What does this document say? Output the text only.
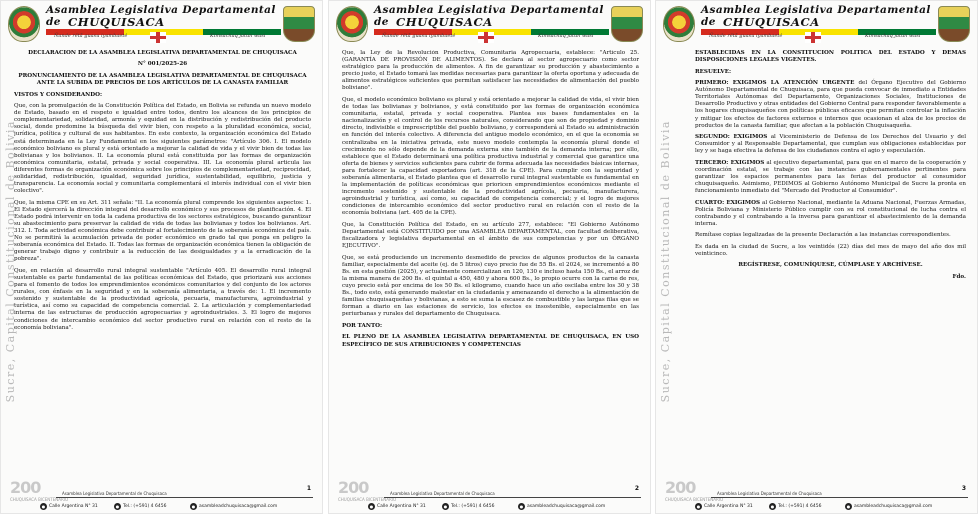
Asamblea Legislativa Departamental de CHUQUISACA
Ñande rëtã guasu iyambaeté	Kimsachaq jatun wasi
Sucre, Capital Constitucional de Bolivia

DECLARACIÓN DE LA ASAMBLEA LEGISLATIVA DEPARTAMENTAL DE CHUQUISACA

N° 001/2025-26

PRONUNCIAMIENTO DE LA ASAMBLEA LEGISLATIVA DEPARTAMENTAL DE CHUQUISACA ANTE LA SUBIDA DE PRECIOS DE LOS ARTÍCULOS DE LA CANASTA FAMILIAR

VISTOS Y CONSIDERANDO:

Que, con la promulgación de la Constitución Política del Estado, en Bolivia se refunda un nuevo modelo de Estado, basado en el respeto e igualdad entre todos, dentro los alcances de los principios de complementariedad, solidaridad, armonía y equidad en la distribución y redistribución del producto social, donde predomine la búsqueda del vivir bien, con respeto a la pluralidad económica, social, jurídica, política y cultural de sus habitantes. En este contexto, la organización económica del Estado está determinada en la Ley Fundamental en los siguientes parámetros: "Artículo 306. I. El modelo económico boliviano es plural y está orientado a mejorar la calidad de vida y el vivir bien de todas las bolivianas y los bolivianos. II. La economía plural está constituida por las formas de organización económica comunitaria, estatal, privada y social cooperativa. III. La economía plural articula las diferentes formas de organización económica sobre los principios de complementariedad, reciprocidad, solidaridad, redistribución, igualdad, seguridad jurídica, sustentabilidad, equilibrio, justicia y transparencia. La economía social y comunitaria complementará el interés individual con el vivir bien colectivo".

Que, la misma CPE en su Art. 311 señala: "II. La economía plural comprende los siguientes aspectos: 1. El Estado ejercerá la dirección integral del desarrollo económico y sus procesos de planificación. 4. El Estado podrá intervenir en toda la cadena productiva de los sectores estratégicos, buscando garantizar su abastecimiento para preservar la calidad de vida de todas las bolivianas y todos los bolivianos. Art. 312. I. Toda actividad económica debe contribuir al fortalecimiento de la soberanía económica del país. No se permitirá la acumulación privada de poder económico en grado tal que ponga en peligro la soberanía económica del Estado. II. Todas las formas de organización económica tienen la obligación de generar trabajo digno y contribuir a la reducción de las desigualdades y a la erradicación de la pobreza".

Que, en relación al desarrollo rural integral sustentable "Artículo 405. El desarrollo rural integral sustentable es parte fundamental de las políticas económicas del Estado, que priorizará sus acciones para el fomento de todos los emprendimientos económicos comunitarios y del conjunto de los actores rurales, con énfasis en la seguridad y en la soberanía alimentaria, a través de: 1. El incremento sostenido y sustentable de la productividad agrícola, pecuaria, manufacturera, agroindustrial y turística, así como su capacidad de competencia comercial. 2. La articulación y complementariedad interna de las estructuras de producción agropecuarias y agroindustriales. 3. El logro de mejores condiciones de intercambio económico del sector productivo rural en relación con el resto de la economía boliviana".

200
CHUQUISACA BICENTENARIO
Asamblea Legislativa Departamental de Chuquisaca
● Calle Argentina N° 31	● Tel.: (+591) 4 6456	● asambleadchuquisaca@gmail.com
1
Asamblea Legislativa Departamental de CHUQUISACA
Ñande rëtã guasu iyambaeté	Kimsachaq jatun wasi

Que, la Ley de la Revolución Productiva, Comunitaria Agropecuaria, establece: "Artículo 25. (GARANTÍA DE PROVISIÓN DE ALIMENTOS). Se declara al sector agropecuario como sector estratégico para la producción de alimentos. A fin de garantizar su producción y abastecimiento a precio justo, el Estado tomará las medidas necesarias para garantizar la oferta oportuna y adecuada de alimentos estratégicos suficientes que permitan satisfacer las necesidades de alimentación del pueblo boliviano".

Que, el modelo económico boliviano es plural y está orientado a mejorar la calidad de vida, el vivir bien de todas las bolivianas y bolivianos, y está constituido por las formas de organización económica comunitaria, estatal, privada y social cooperativa. Plantea sus bases fundamentales en la nacionalización y el control de los recursos naturales, considerando que son de propiedad y dominio directo, indivisible e imprescriptible del pueblo boliviano, y corresponderá al Estado su administración en función del interés colectivo. A diferencia del antiguo modelo económico, en el que la economía se centralizaba en la iniciativa privada, este nuevo modelo contempla la economía plural donde el crecimiento no sólo depende de la demanda externa sino también de la demanda interna; por ello, establece que el Estado determinará una política productiva industrial y comercial que garantice una oferta de bienes y servicios suficientes para cubrir de forma adecuada las necesidades básicas internas, para fortalecer la capacidad exportadora (art. 318 de la CPE). Para cumplir con la seguridad y soberanía alimentaria, el Estado plantea que el desarrollo rural integral sustentable es fundamental en la implementación de políticas económicas que prioricen emprendimientos económicos mediante el incremento sostenido y sustentable de la productividad agrícola, pecuaria, manufacturera, agroindustrial y turística, así como, su capacidad de competencia comercial; y el logro de mejores condiciones de intercambio económico del sector productivo rural en relación con el resto de la economía boliviana (art. 405 de la CPE).

Que, la Constitución Política del Estado, en su artículo 277, establece: "El Gobierno Autónomo Departamental está CONSTITUIDO por una ASAMBLEA DEPARTAMENTAL, con facultad deliberativa, fiscalizadora y legislativa departamental en el ámbito de sus competencias y por un ÓRGANO EJECUTIVO".

Que, se está produciendo un incremento desmedido de precios de algunos productos de la canasta familiar, especialmente del aceite (ej. de 5 litros) cuyo precio fue de 55 Bs. el 2024, se incrementó a 80 Bs. en esta gestión (2025), y actualmente comercializan en 120, 130 e incluso hasta 150 Bs., el arroz de la misma manera de 200 Bs. el quintal a 450, 480 y ahora 600 Bs., lo propio ocurre con la carne de res, cuyo precio está por encima de los 50 Bs. el kilogramo, cuando hace un año oscilaba entre los 30 y 38 Bs., todo esto, está generando malestar en la ciudadanía y amenazando el derecho a la alimentación de familias chuquisaqueñas y bolivianas, a esto se suma la escasez de combustible y las largas filas que se forman a diario en las estaciones de servicio, los efectos es insostenible, especialmente en las periurbanas y rurales del departamento de Chuquisaca.

POR TANTO:

EL PLENO DE LA ASAMBLEA LEGISLATIVA DEPARTAMENTAL DE CHUQUISACA, EN USO ESPECÍFICO DE SUS ATRIBUCIONES Y COMPETENCIAS

200
CHUQUISACA BICENTENARIO
Asamblea Legislativa Departamental de Chuquisaca
● Calle Argentina N° 31	● Tel.: (+591) 4 6456	● asambleadchuquisaca@gmail.com
2
Asamblea Legislativa Departamental de CHUQUISACA
Ñande rëtã guasu iyambaeté	Kimsachaq jatun wasi
Sucre, Capital Constitucional de Bolivia

ESTABLECIDAS EN LA CONSTITUCIÓN POLÍTICA DEL ESTADO Y DEMÁS DISPOSICIONES LEGALES VIGENTES.

RESUELVE:

PRIMERO: EXIGIMOS LA ATENCIÓN URGENTE del Órgano Ejecutivo del Gobierno Autónomo Departamental de Chuquisaca, para que pueda convocar de inmediato a Entidades Territoriales Autónomas del Departamento, Organizaciones Sociales, Instituciones de Desarrollo Productivo y otras entidades del Gobierno Central para responder favorablemente a los hogares chuquisaqueños con políticas públicas eficaces que permitan controlar la inflación y mitigar los efectos de factores externos e internos que ocasionan el alza de los precios de productos de la canasta familiar, que afectan a la población Chuquisaqueña.

SEGUNDO: EXIGIMOS al Viceministerio de Defensa de los Derechos del Usuario y del Consumidor y al Responsable Departamental, que cumplan sus obligaciones establecidas por ley y se haga efectiva la defensa de los ciudadanos contra el agio y especulación.

TERCERO: EXIGIMOS al ejecutivo departamental, para que en el marco de la cooperación y coordinación estatal, se trabaje con las instancias gubernamentales pertinentes para garantizar los espacios permanentes para las ferias del productor al consumidor chuquisaqueño. Asimismo, PEDIMOS al Gobierno Autónomo Municipal de Sucre la pronta en funcionamiento inmediato del "Mercado del Productor al Consumidor".

CUARTO: EXIGIMOS al Gobierno Nacional, mediante la Aduana Nacional, Fuerzas Armadas, Policía Boliviana y Ministerio Público cumplir con su rol constitucional de lucha contra el contrabando y el contrabando a la inversa para garantizar el abastecimiento de la demanda interna.

Remítase copias legalizadas de la presente Declaración a las instancias correspondientes.

Es dada en la ciudad de Sucre, a los veintidós (22) días del mes de mayo del año dos mil veinticinco.

REGÍSTRESE, COMUNÍQUESE, CÚMPLASE Y ARCHÍVESE.

Fdo.

200
CHUQUISACA BICENTENARIO
Asamblea Legislativa Departamental de Chuquisaca
● Calle Argentina N° 31	● Tel.: (+591) 4 6456	● asambleadchuquisaca@gmail.com
3
